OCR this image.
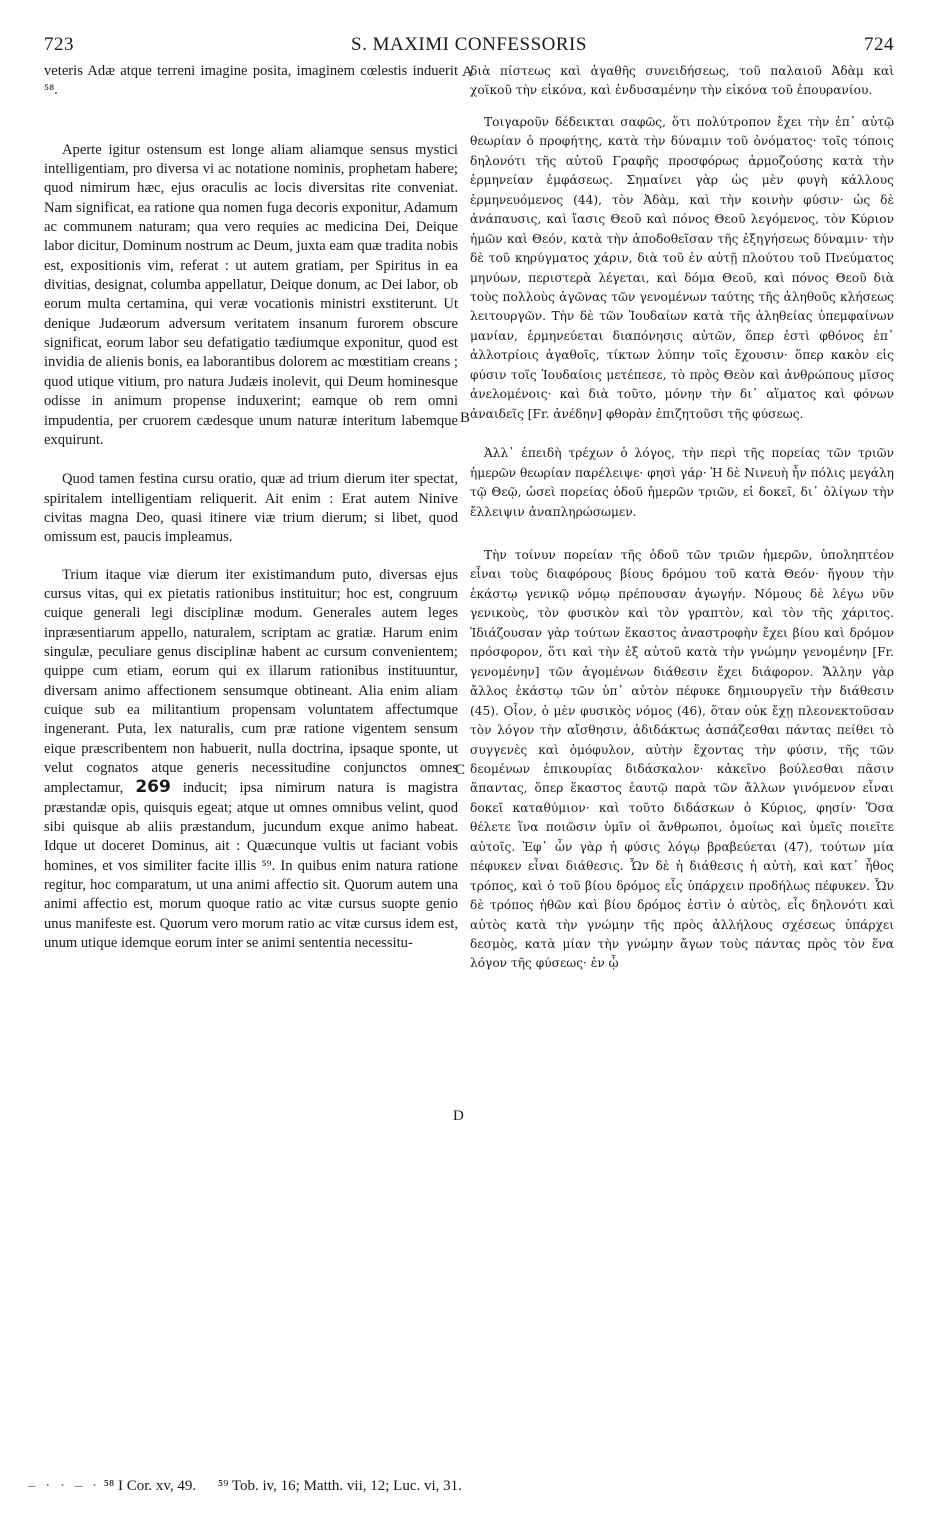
723	S. MAXIMI CONFESSORIS	724

veteris Adæ atque terreni imagine posita, imaginem cœlestis induerit ⁵⁸.

Aperte igitur ostensum est longe aliam aliamque sensus mystici intelligentiam, pro diversa vi ac notatione nominis, prophetam habere; quod nimirum hæc, ejus oraculis ac locis diversitas rite conveniat. Nam significat, ea ratione qua nomen fuga decoris exponitur, Adamum ac communem naturam; qua vero requies ac medicina Dei, Deique labor dicitur, Dominum nostrum ac Deum, juxta eam quæ tradita nobis est, expositionis vim, referat : ut autem gratiam, per Spiritus in ea divitias, designat, columba appellatur, Deique donum, ac Dei labor, ob eorum multa certamina, qui veræ vocationis ministri exstiterunt. Ut denique Judæorum adversum veritatem insanum furorem obscure significat, eorum labor seu defatigatio tædiumque exponitur, quod est invidia de alienis bonis, ea laborantibus dolorem ac mœstitiam creans ; quod utique vitium, pro natura Judæis inolevit, qui Deum hominesque odisse in animum propense induxerint; eamque ob rem omni impudentia, per cruorem cædesque unum naturæ interitum labemque exquirunt.

Quod tamen festina cursu oratio, quæ ad trium dierum iter spectat, spiritalem intelligentiam reliquerit. Ait enim : Erat autem Ninive civitas magna Deo, quasi itinere viæ trium dierum; si libet, quod omissum est, paucis impleamus.

Trium itaque viæ dierum iter existimandum puto, diversas ejus cursus vitas, qui ex pietatis rationibus instituitur; hoc est, congruum cuique generali legi disciplinæ modum. Generales autem leges inpræsentiarum appello, naturalem, scriptam ac gratiæ. Harum enim singulæ, peculiare genus disciplinæ habent ac cursum convenientem; quippe cum etiam, eorum qui ex illarum rationibus instituuntur, diversam animo affectionem sensumque obtineant. Alia enim aliam cuique sub ea militantium propensam voluntatem affectumque ingenerant. Puta, lex naturalis, cum præ ratione vigentem sensum eique præscribentem non habuerit, nulla doctrina, ipsaque sponte, ut velut cognatos atque generis necessitudine conjunctos omnes amplectamur, 269 inducit; ipsa nimirum natura is magistra præstandæ opis, quisquis egeat; atque ut omnes omnibus velint, quod sibi quisque ab aliis præstandum, jucundum exque animo habeat. Idque ut doceret Dominus, ait : Quæcunque vultis ut faciant vobis homines, et vos similiter facite illis ⁵⁹. In quibus enim natura ratione regitur, hoc comparatum, ut una animi affectio sit. Quorum autem una animi affectio est, morum quoque ratio ac vitæ cursus suopte genio unus manifeste est. Quorum vero morum ratio ac vitæ cursus idem est, unum utique idemque eorum inter se animi sententia necessitu-

διὰ πίστεως καὶ ἀγαθῆς συνειδήσεως, τοῦ παλαιοῦ Ἀδὰμ καὶ χοϊκοῦ τὴν εἰκόνα, καὶ ἐνδυσαμένην τὴν εἰκόνα τοῦ ἐπουρανίου.

Τοιγαροῦν δέδεικται σαφῶς, ὅτι πολύτροπον ἔχει τὴν ἐπ᾽ αὐτῷ θεωρίαν ὁ προφήτης, κατὰ τὴν δύναμιν τοῦ ὀνόματος· τοῖς τόποις δηλονότι τῆς αὐτοῦ Γραφῆς προσφόρως ἁρμοζούσης κατὰ τὴν ἑρμηνείαν ἐμφάσεως. Σημαίνει γὰρ ὡς μὲν φυγὴ κάλλους ἑρμηνευόμενος (44), τὸν Ἀδὰμ, καὶ τὴν κοινὴν φύσιν· ὡς δὲ ἀνάπαυσις, καὶ ἴασις Θεοῦ καὶ πόνος Θεοῦ λεγόμενος, τὸν Κύριον ἡμῶν καὶ Θεόν, κατὰ τὴν ἀποδοθεῖσαν τῆς ἐξηγήσεως δύναμιν· τὴν δὲ τοῦ κηρύγματος χάριν, διὰ τοῦ ἐν αὐτῇ πλούτου τοῦ Πνεύματος μηνύων, περιστερὰ λέγεται, καὶ δόμα Θεοῦ, καὶ πόνος Θεοῦ διὰ τοὺς πολλοὺς ἀγῶνας τῶν γενομένων ταύτης τῆς ἀληθοῦς κλήσεως λειτουργῶν. Τὴν δὲ τῶν Ἰουδαίων κατὰ τῆς ἀληθείας ὑπεμφαίνων μανίαν, ἑρμηνεύεται διαπόνησις αὐτῶν, ὅπερ ἐστὶ φθόνος ἐπ᾽ ἀλλοτρίοις ἀγαθοῖς, τίκτων λύπην τοῖς ἔχουσιν· ὅπερ κακὸν εἰς φύσιν τοῖς Ἰουδαίοις μετέπεσε, τὸ πρὸς Θεὸν καὶ ἀνθρώπους μῖσος ἀνελομένοις· καὶ διὰ τοῦτο, μόνην τὴν δι᾽ αἵματος καὶ φόνων ἀναιδεῖς [Fr. ἀνέδην] φθορὰν ἐπιζητοῦσι τῆς φύσεως.

Ἀλλ᾽ ἐπειδὴ τρέχων ὁ λόγος, τὴν περὶ τῆς πορείας τῶν τριῶν ἡμερῶν θεωρίαν παρέλειψε· φησὶ γάρ· Ἡ δὲ Νινευὴ ἦν πόλις μεγάλη τῷ Θεῷ, ὡσεὶ πορείας ὁδοῦ ἡμερῶν τριῶν, εἰ δοκεῖ, δι᾽ ὀλίγων τὴν ἔλλειψιν ἀναπληρώσωμεν.

Τὴν τοίνυν πορείαν τῆς ὁδοῦ τῶν τριῶν ἡμερῶν, ὑποληπτέον εἶναι τοὺς διαφόρους βίους δρόμου τοῦ κατὰ Θεόν· ἤγουν τὴν ἑκάστῳ γενικῷ νόμῳ πρέπουσαν ἀγωγήν. Νόμους δὲ λέγω νῦν γενικοὺς, τὸν φυσικὸν καὶ τὸν γραπτὸν, καὶ τὸν τῆς χάριτος. Ἰδιάζουσαν γὰρ τούτων ἕκαστος ἀναστροφὴν ἔχει βίου καὶ δρόμον πρόσφορον, ὅτι καὶ τὴν ἐξ αὐτοῦ κατὰ τὴν γνώμην γενομένην [Fr. γενομένην] τῶν ἀγομένων διάθεσιν ἔχει διάφορον. Ἄλλην γὰρ ἄλλος ἑκάστῳ τῶν ὑπ᾽ αὐτὸν πέφυκε δημιουργεῖν τὴν διάθεσιν (45). Οἷον, ὁ μὲν φυσικὸς νόμος (46), ὅταν οὐκ ἔχῃ πλεονεκτοῦσαν τὸν λόγον τὴν αἴσθησιν, ἀδιδάκτως ἀσπάζεσθαι πάντας πείθει τὸ συγγενὲς καὶ ὁμόφυλον, αὐτὴν ἔχοντας τὴν φύσιν, τῆς τῶν δεομένων ἐπικουρίας διδάσκαλον· κἀκεῖνο βούλεσθαι πᾶσιν ἅπαντας, ὅπερ ἕκαστος ἑαυτῷ παρὰ τῶν ἄλλων γινόμενον εἶναι δοκεῖ καταθύμιον· καὶ τοῦτο διδάσκων ὁ Κύριος, φησίν· Ὅσα θέλετε ἵνα ποιῶσιν ὑμῖν οἱ ἄνθρωποι, ὁμοίως καὶ ὑμεῖς ποιεῖτε αὐτοῖς. Ἐφ᾽ ὧν γὰρ ἡ φύσις λόγῳ βραβεύεται (47), τούτων μία πέφυκεν εἶναι διάθεσις. Ὧν δὲ ἡ διάθεσις ἡ αὐτὴ, καὶ κατ᾽ ἦθος τρόπος, καὶ ὁ τοῦ βίου δρόμος εἷς ὑπάρχειν προδήλως πέφυκεν. Ὧν δὲ τρόπος ἠθῶν καὶ βίου δρόμος ἐστὶν ὁ αὐτὸς, εἷς δηλονότι καὶ αὐτὸς κατὰ τὴν γνώμην τῆς πρὸς ἀλλήλους σχέσεως ὑπάρχει δεσμὸς, κατὰ μίαν τὴν γνώμην ἄγων τοὺς πάντας πρὸς τὸν ἕνα λόγον τῆς φύσεως· ἐν ᾧ

A
B
C
D
– · · – · ⁵⁸ I Cor. xv, 49. ⁵⁹ Tob. iv, 16; Matth. vii, 12; Luc. vi, 31.
